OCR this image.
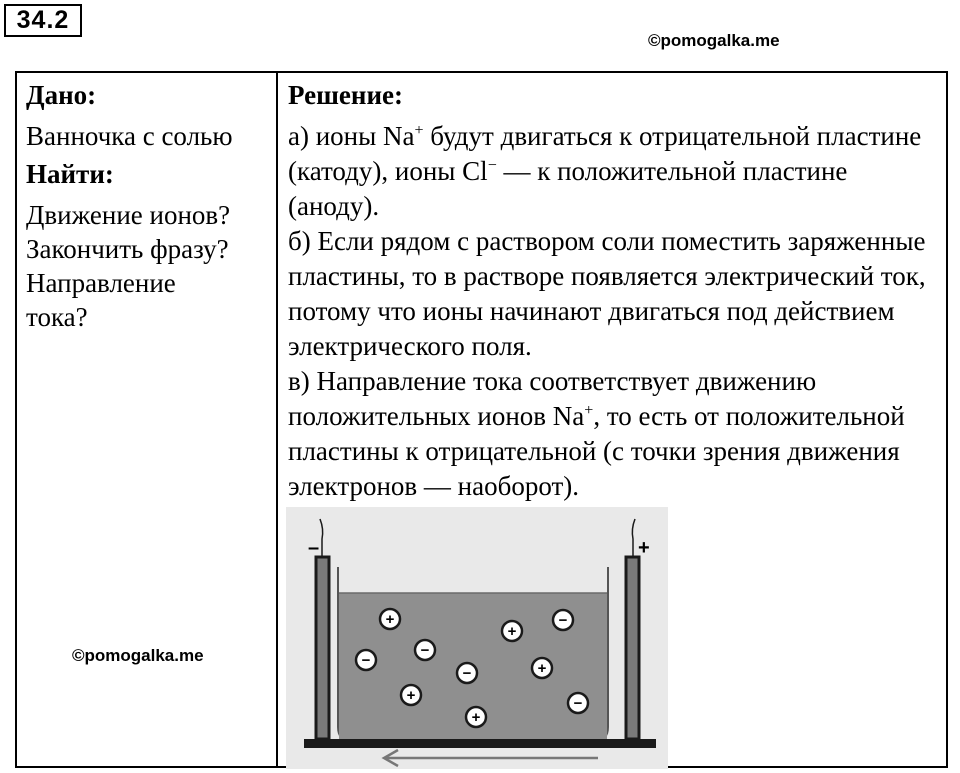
34.2
©pomogalka.me
Дано:
Ванночка с солью
Найти:
Движение ионов?
Закончить фразу?
Направление
тока?
©pomogalka.me

Решение:

а) ионы Na+ будут двигаться к отрицательной пластине (катоду), ионы Cl− — к положительной пластине (аноду).

б) Если рядом с раствором соли поместить заряженные пластины, то в растворе появляется электрический ток, потому что ионы начинают двигаться под действием электрического поля.

в) Направление тока соответствует движению положительных ионов Na+, то есть от положительной пластины к отрицательной (с точки зрения движения электронов — наоборот).

–	+
+
−
−
+
−
+
+
−
+
−
